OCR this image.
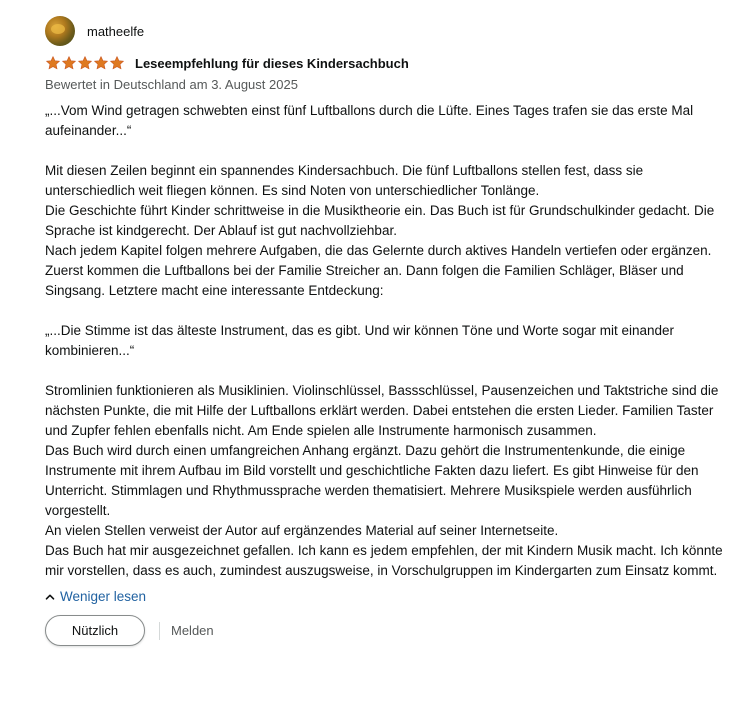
matheelfe
Leseempfehlung für dieses Kindersachbuch
Bewertet in Deutschland am 3. August 2025

„...Vom Wind getragen schwebten einst fünf Luftballons durch die Lüfte. Eines Tages trafen sie das erste Mal aufeinander...“

Mit diesen Zeilen beginnt ein spannendes Kindersachbuch. Die fünf Luftballons stellen fest, dass sie unterschiedlich weit fliegen können. Es sind Noten von unterschiedlicher Tonlänge.

Die Geschichte führt Kinder schrittweise in die Musiktheorie ein. Das Buch ist für Grundschulkinder gedacht. Die Sprache ist kindgerecht. Der Ablauf ist gut nachvollziehbar.

Nach jedem Kapitel folgen mehrere Aufgaben, die das Gelernte durch aktives Handeln vertiefen oder ergänzen.

Zuerst kommen die Luftballons bei der Familie Streicher an. Dann folgen die Familien Schläger, Bläser und Singsang. Letztere macht eine interessante Entdeckung:

„...Die Stimme ist das älteste Instrument, das es gibt. Und wir können Töne und Worte sogar mit einander kombinieren...“

Stromlinien funktionieren als Musiklinien. Violinschlüssel, Bassschlüssel, Pausenzeichen und Taktstriche sind die nächsten Punkte, die mit Hilfe der Luftballons erklärt werden. Dabei entstehen die ersten Lieder. Familien Taster und Zupfer fehlen ebenfalls nicht. Am Ende spielen alle Instrumente harmonisch zusammen.

Das Buch wird durch einen umfangreichen Anhang ergänzt. Dazu gehört die Instrumentenkunde, die einige Instrumente mit ihrem Aufbau im Bild vorstellt und geschichtliche Fakten dazu liefert. Es gibt Hinweise für den Unterricht. Stimmlagen und Rhythmussprache werden thematisiert. Mehrere Musikspiele werden ausführlich vorgestellt.

An vielen Stellen verweist der Autor auf ergänzendes Material auf seiner Internetseite.

Das Buch hat mir ausgezeichnet gefallen. Ich kann es jedem empfehlen, der mit Kindern Musik macht. Ich könnte mir vorstellen, dass es auch, zumindest auszugsweise, in Vorschulgruppen im Kindergarten zum Einsatz kommt.

Weniger lesen
Nützlich	Melden
